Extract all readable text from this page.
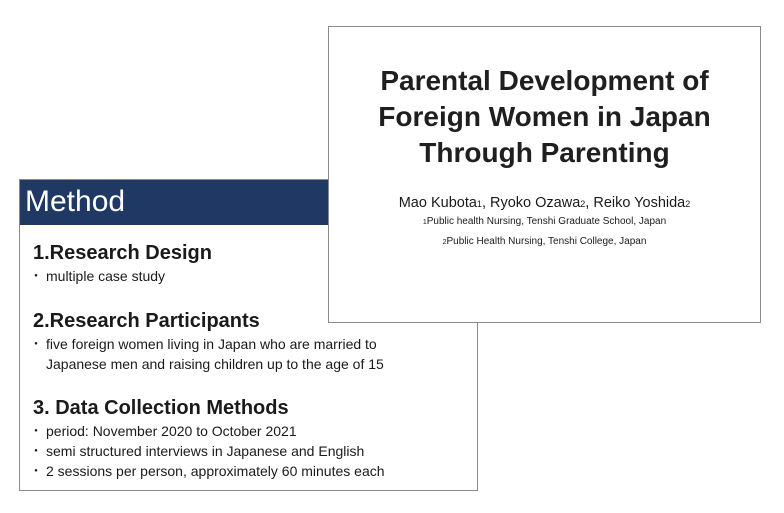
Method
1.Research Design
・ multiple case study
2.Research Participants
・ five foreign women living in Japan who are married to
Japanese men and raising children up to the age of 15
3. Data Collection Methods
・ period: November 2020 to October 2021
・ semi structured interviews in Japanese and English
・ 2 sessions per person, approximately 60 minutes each
Parental Development of
Foreign Women in Japan
Through Parenting
Mao Kubota1, Ryoko Ozawa2, Reiko Yoshida2
1Public health Nursing, Tenshi Graduate School, Japan
2Public Health Nursing, Tenshi College, Japan
